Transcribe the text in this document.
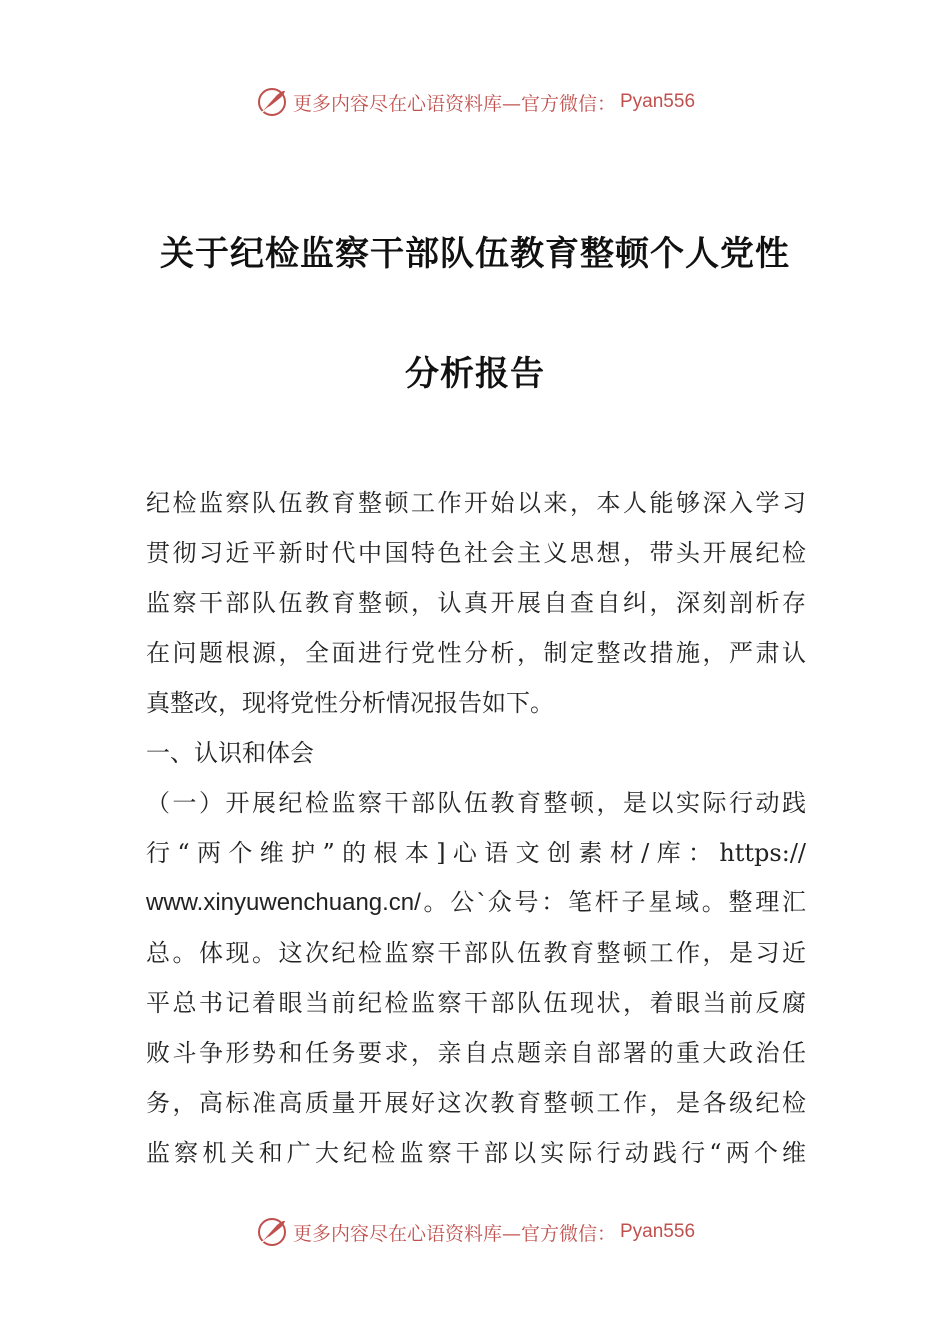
更多内容尽在心语资料库—官方微信： Pyan556
关于纪检监察干部队伍教育整顿个人党性
分析报告
纪检监察队伍教育整顿工作开始以来，本人能够深入学习
贯彻习近平新时代中国特色社会主义思想，带头开展纪检
监察干部队伍教育整顿，认真开展自查自纠，深刻剖析存
在问题根源，全面进行党性分析，制定整改措施，严肃认
真整改，现将党性分析情况报告如下。
一、认识和体会
（一）开展纪检监察干部队伍教育整顿，是以实际行动践
行“两个维护”的根本]心语文创素材/库：https://
www.xinyuwenchuang.cn/。公`众号：笔杆子星域。整理汇
总。体现。这次纪检监察干部队伍教育整顿工作，是习近
平总书记着眼当前纪检监察干部队伍现状，着眼当前反腐
败斗争形势和任务要求，亲自点题亲自部署的重大政治任
务，高标准高质量开展好这次教育整顿工作，是各级纪检
监察机关和广大纪检监察干部以实际行动践行“两个维
更多内容尽在心语资料库—官方微信： Pyan556
